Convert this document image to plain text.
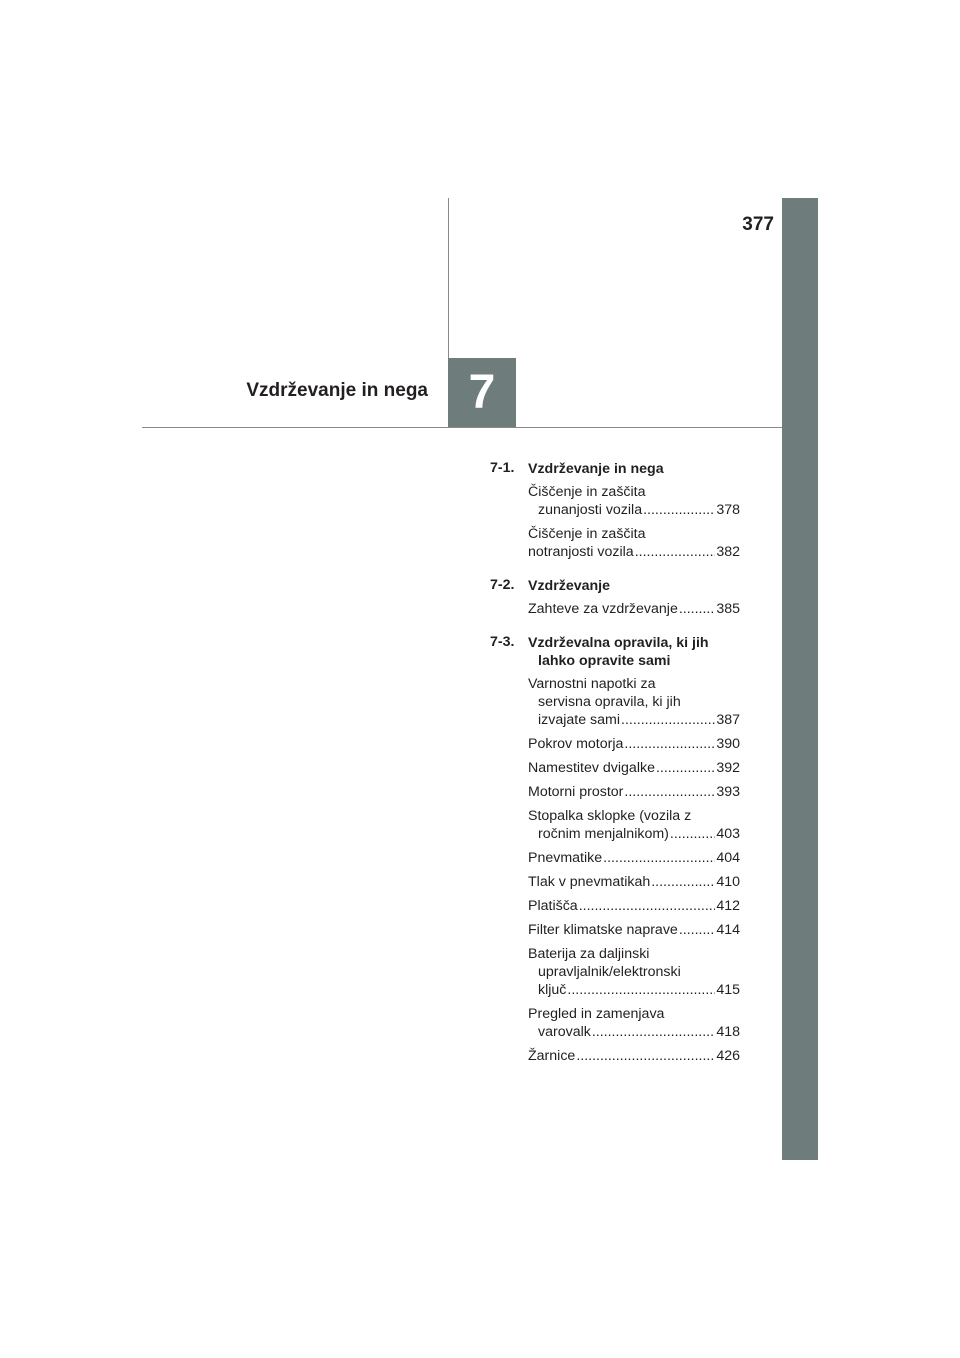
377
Vzdrževanje in nega 7
7-1. Vzdrževanje in nega
Čiščenje in zaščita
zunanjosti vozila .....	378
Čiščenje in zaščita
notranjosti vozila .....	382
7-2. Vzdrževanje
Zahteve za vzdrževanje .....	385
7-3. Vzdrževalna opravila, ki jih
lahko opravite sami
Varnostni napotki za
servisna opravila, ki jih
izvajate sami .....	387
Pokrov motorja .....	390
Namestitev dvigalke .....	392
Motorni prostor .....	393
Stopalka sklopke (vozila z
ročnim menjalnikom) .....	403
Pnevmatike .....	404
Tlak v pnevmatikah .....	410
Platišča .....	412
Filter klimatske naprave .....	414
Baterija za daljinski
upravljalnik/elektronski
ključ .....	415
Pregled in zamenjava
varovalk .....	418
Žarnice .....	426
